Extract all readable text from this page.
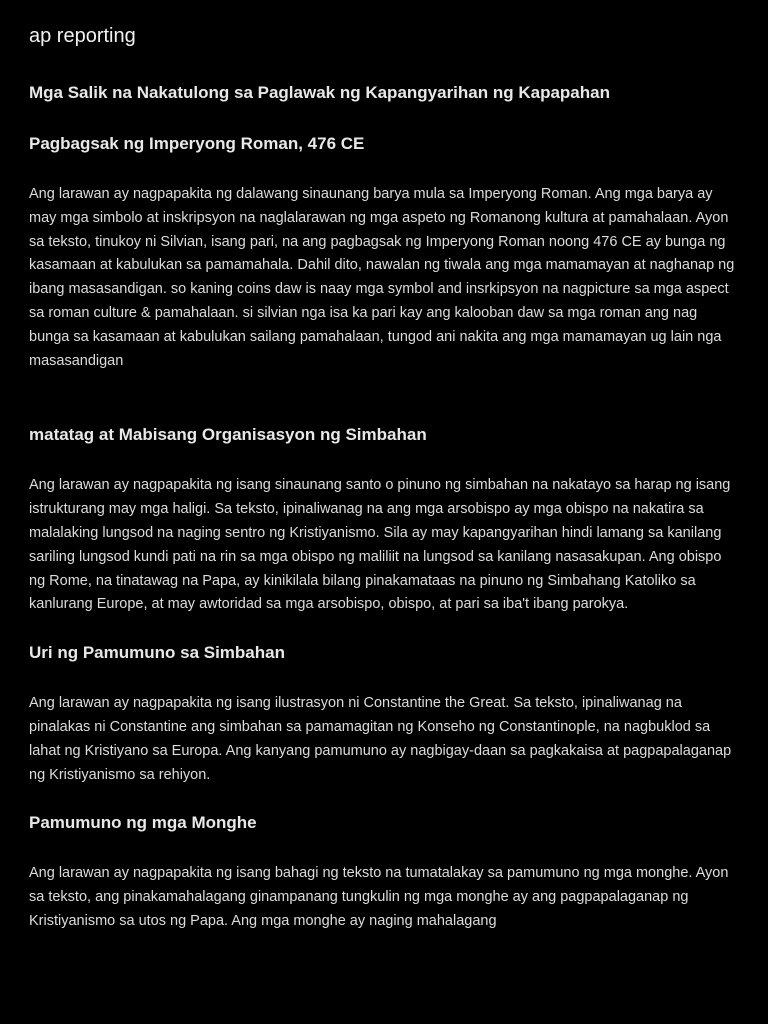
ap reporting
Mga Salik na Nakatulong sa Paglawak ng Kapangyarihan ng Kapapahan
Pagbagsak ng Imperyong Roman, 476 CE

Ang larawan ay nagpapakita ng dalawang sinaunang barya mula sa Imperyong Roman. Ang mga barya ay may mga simbolo at inskripsyon na naglalarawan ng mga aspeto ng Romanong kultura at pamahalaan. Ayon sa teksto, tinukoy ni Silvian, isang pari, na ang pagbagsak ng Imperyong Roman noong 476 CE ay bunga ng kasamaan at kabulukan sa pamamahala. Dahil dito, nawalan ng tiwala ang mga mamamayan at naghanap ng ibang masasandigan. so kaning coins daw is naay mga symbol and insrkipsyon na nagpicture sa mga aspect sa roman culture & pamahalaan. si silvian nga isa ka pari kay ang kalooban daw sa mga roman ang nag bunga sa kasamaan at kabulukan sailang pamahalaan, tungod ani nakita ang mga mamamayan ug lain nga masasandigan

matatag at Mabisang Organisasyon ng Simbahan

Ang larawan ay nagpapakita ng isang sinaunang santo o pinuno ng simbahan na nakatayo sa harap ng isang istrukturang may mga haligi. Sa teksto, ipinaliwanag na ang mga arsobispo ay mga obispo na nakatira sa malalaking lungsod na naging sentro ng Kristiyanismo. Sila ay may kapangyarihan hindi lamang sa kanilang sariling lungsod kundi pati na rin sa mga obispo ng maliliit na lungsod sa kanilang nasasakupan. Ang obispo ng Rome, na tinatawag na Papa, ay kinikilala bilang pinakamataas na pinuno ng Simbahang Katoliko sa kanlurang Europe, at may awtoridad sa mga arsobispo, obispo, at pari sa iba't ibang parokya.

Uri ng Pamumuno sa Simbahan

Ang larawan ay nagpapakita ng isang ilustrasyon ni Constantine the Great. Sa teksto, ipinaliwanag na pinalakas ni Constantine ang simbahan sa pamamagitan ng Konseho ng Constantinople, na nagbuklod sa lahat ng Kristiyano sa Europa. Ang kanyang pamumuno ay nagbigay-daan sa pagkakaisa at pagpapalaganap ng Kristiyanismo sa rehiyon.

Pamumuno ng mga Monghe

Ang larawan ay nagpapakita ng isang bahagi ng teksto na tumatalakay sa pamumuno ng mga monghe. Ayon sa teksto, ang pinakamahalagang ginampanang tungkulin ng mga monghe ay ang pagpapalaganap ng Kristiyanismo sa utos ng Papa. Ang mga monghe ay naging mahalagang
